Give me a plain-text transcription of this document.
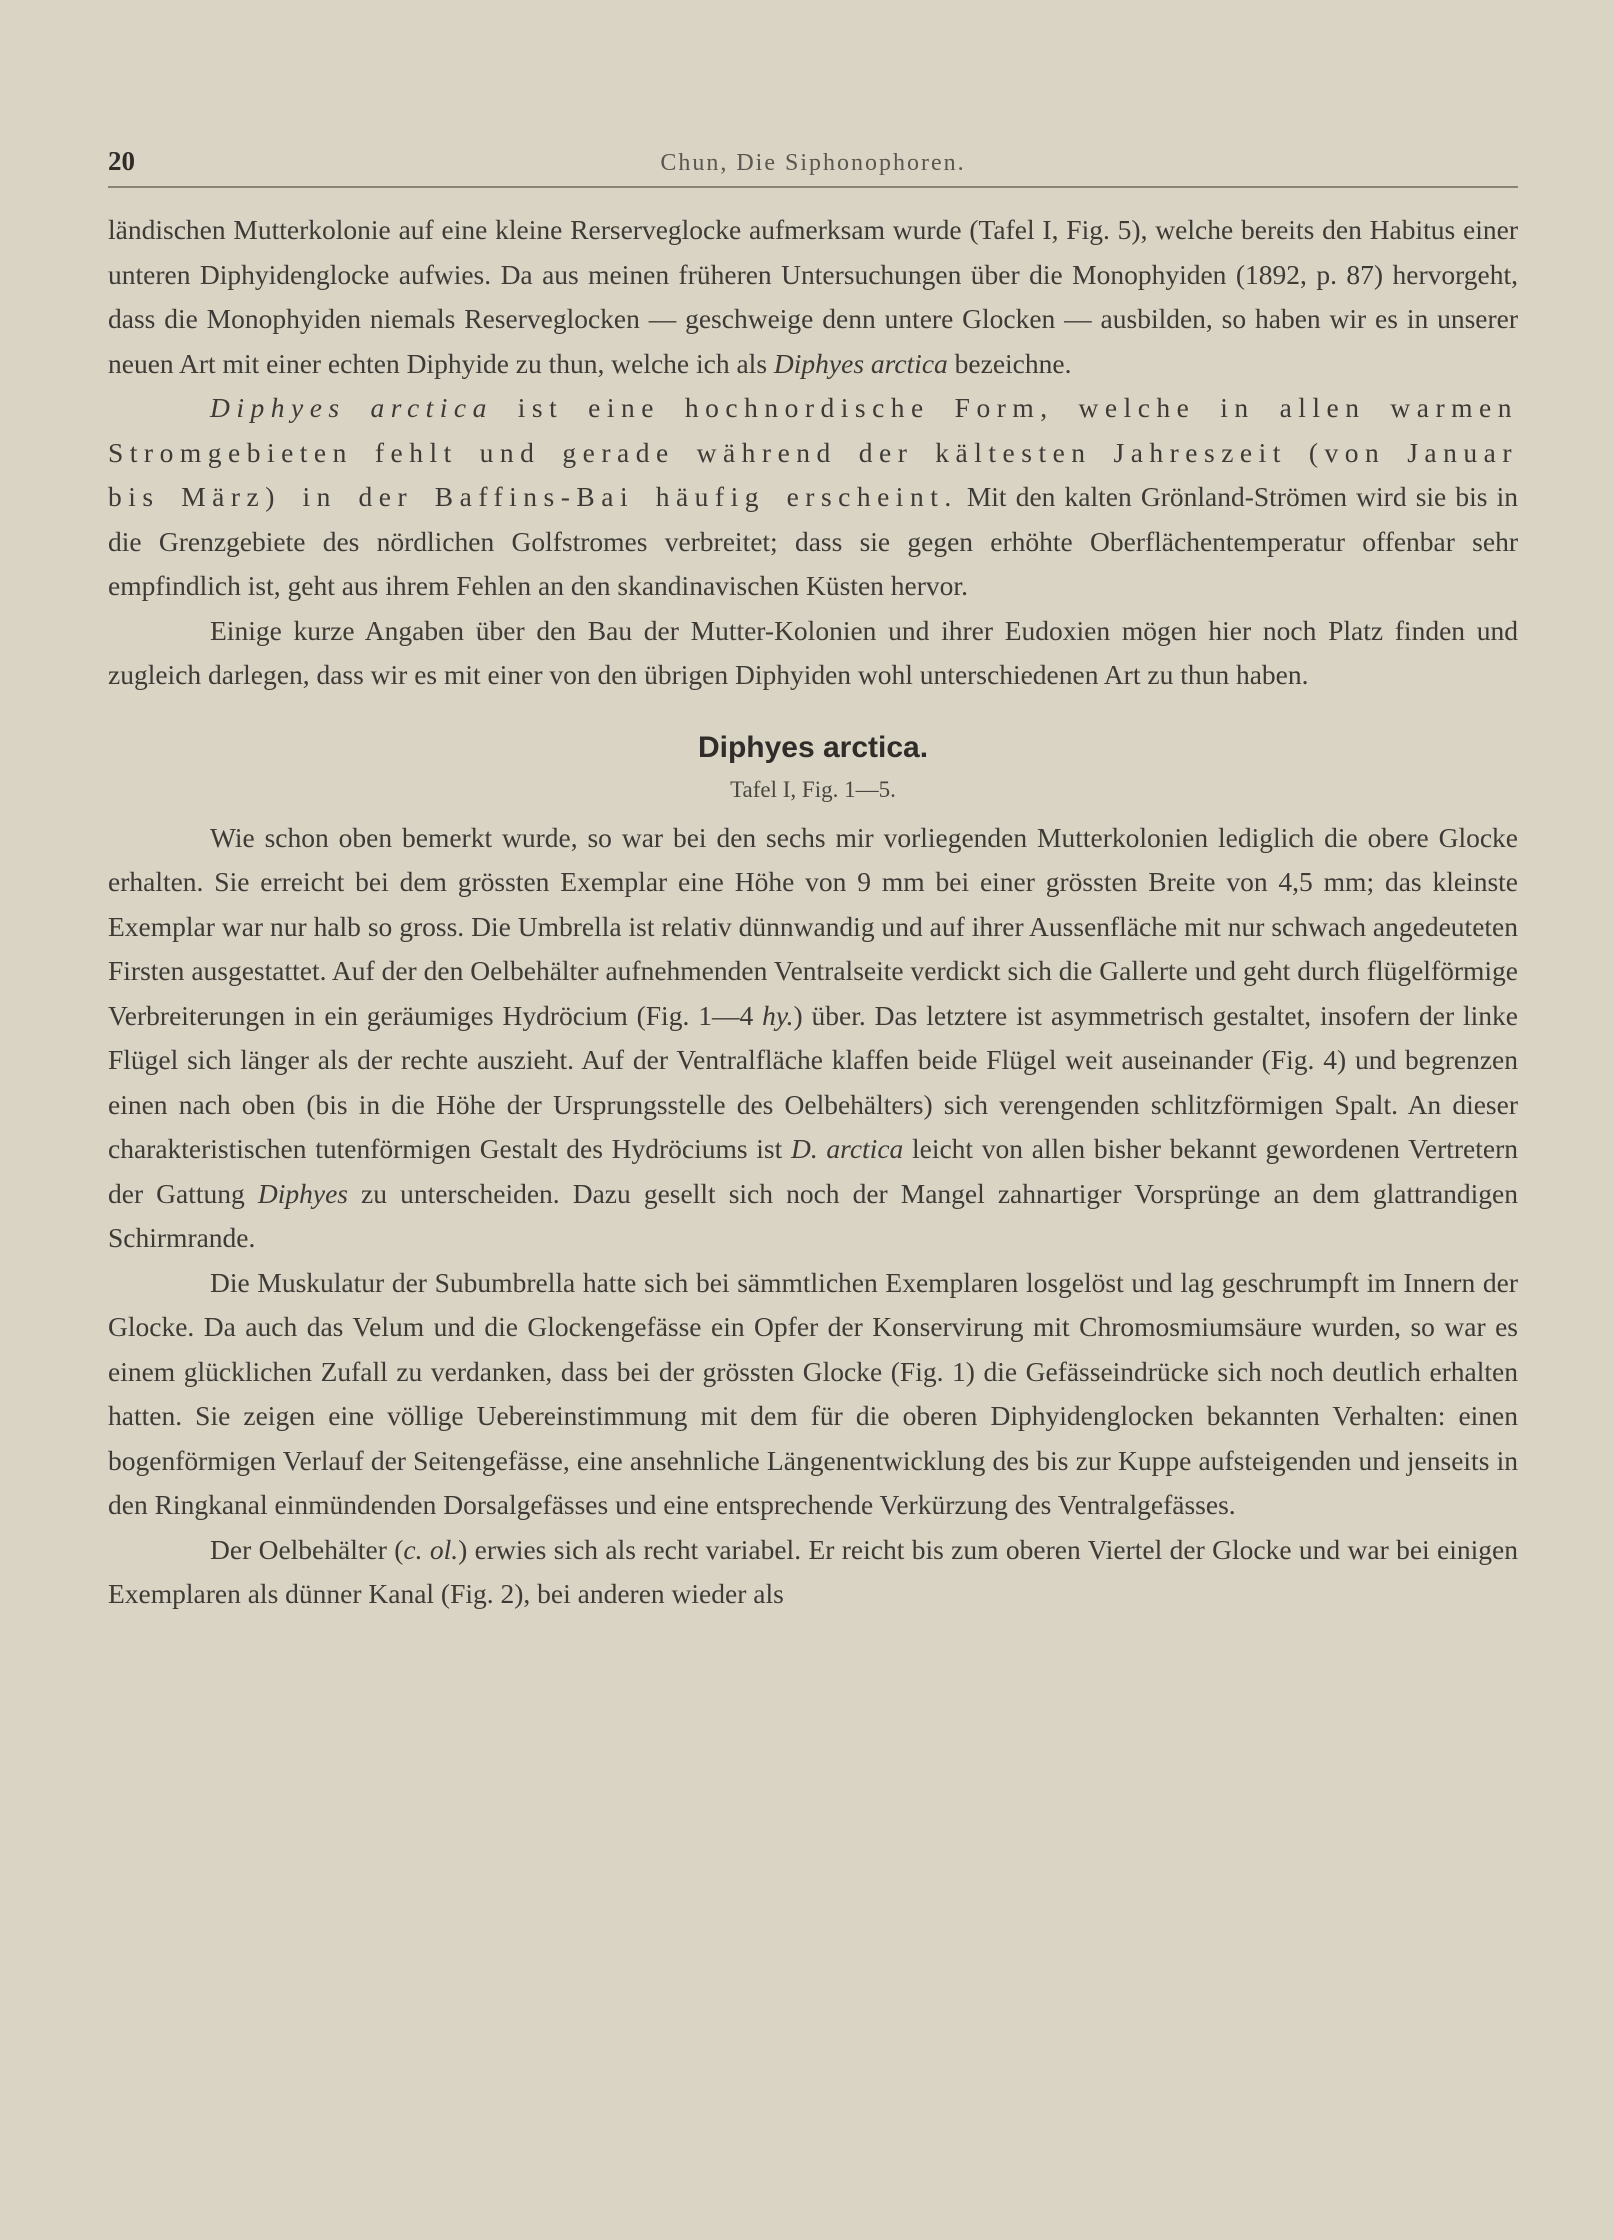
20	Chun, Die Siphonophoren.

ländischen Mutterkolonie auf eine kleine Rerserveglocke aufmerksam wurde (Tafel I, Fig. 5), welche bereits den Habitus einer unteren Diphyidenglocke aufwies. Da aus meinen früheren Untersuchungen über die Monophyiden (1892, p. 87) hervorgeht, dass die Monophyiden niemals Reserveglocken — geschweige denn untere Glocken — ausbilden, so haben wir es in unserer neuen Art mit einer echten Diphyide zu thun, welche ich als Diphyes arctica bezeichne.

Diphyes arctica ist eine hochnordische Form, welche in allen warmen Stromgebieten fehlt und gerade während der kältesten Jahreszeit (von Januar bis März) in der Baffins-Bai häufig erscheint. Mit den kalten Grönland-Strömen wird sie bis in die Grenzgebiete des nördlichen Golfstromes verbreitet; dass sie gegen erhöhte Oberflächentemperatur offenbar sehr empfindlich ist, geht aus ihrem Fehlen an den skandinavischen Küsten hervor.

Einige kurze Angaben über den Bau der Mutter-Kolonien und ihrer Eudoxien mögen hier noch Platz finden und zugleich darlegen, dass wir es mit einer von den übrigen Diphyiden wohl unterschiedenen Art zu thun haben.

Diphyes arctica.
Tafel I, Fig. 1—5.

Wie schon oben bemerkt wurde, so war bei den sechs mir vorliegenden Mutterkolonien lediglich die obere Glocke erhalten. Sie erreicht bei dem grössten Exemplar eine Höhe von 9 mm bei einer grössten Breite von 4,5 mm; das kleinste Exemplar war nur halb so gross. Die Umbrella ist relativ dünnwandig und auf ihrer Aussenfläche mit nur schwach angedeuteten Firsten ausgestattet. Auf der den Oelbehälter aufnehmenden Ventralseite verdickt sich die Gallerte und geht durch flügelförmige Verbreiterungen in ein geräumiges Hydröcium (Fig. 1—4 hy.) über. Das letztere ist asymmetrisch gestaltet, insofern der linke Flügel sich länger als der rechte auszieht. Auf der Ventralfläche klaffen beide Flügel weit auseinander (Fig. 4) und begrenzen einen nach oben (bis in die Höhe der Ursprungsstelle des Oelbehälters) sich verengenden schlitzförmigen Spalt. An dieser charakteristischen tutenförmigen Gestalt des Hydröciums ist D. arctica leicht von allen bisher bekannt gewordenen Vertretern der Gattung Diphyes zu unterscheiden. Dazu gesellt sich noch der Mangel zahnartiger Vorsprünge an dem glattrandigen Schirmrande.

Die Muskulatur der Subumbrella hatte sich bei sämmtlichen Exemplaren losgelöst und lag geschrumpft im Innern der Glocke. Da auch das Velum und die Glockengefässe ein Opfer der Konservirung mit Chromosmiumsäure wurden, so war es einem glücklichen Zufall zu verdanken, dass bei der grössten Glocke (Fig. 1) die Gefässeindrücke sich noch deutlich erhalten hatten. Sie zeigen eine völlige Uebereinstimmung mit dem für die oberen Diphyidenglocken bekannten Verhalten: einen bogenförmigen Verlauf der Seitengefässe, eine ansehnliche Längenentwicklung des bis zur Kuppe aufsteigenden und jenseits in den Ringkanal einmündenden Dorsalgefässes und eine entsprechende Verkürzung des Ventralgefässes.

Der Oelbehälter (c. ol.) erwies sich als recht variabel. Er reicht bis zum oberen Viertel der Glocke und war bei einigen Exemplaren als dünner Kanal (Fig. 2), bei anderen wieder als
